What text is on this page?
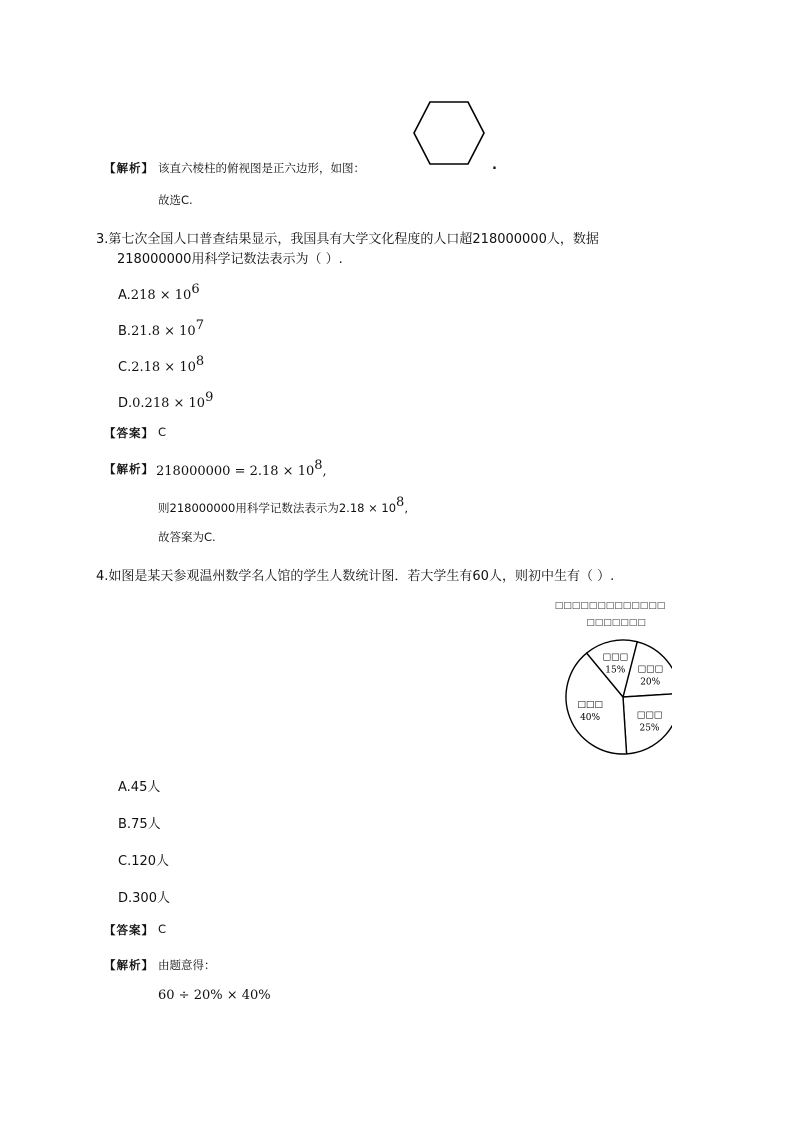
【解析】 该直六棱柱的俯视图是正六边形，如图：	.
故选C.
3.第七次全国人口普查结果显示，我国具有大学文化程度的人口超218000000人，数据
218000000用科学记数法表示为（ ）.
$A.218 \times 10^6$
$B.21.8 \times 10^7$
$C.2.18 \times 10^8$
$D.0.218 \times 10^9$
【答案】 C
【解析】 $218000000 = 2.18 \times 10^8$,
则218000000用科学记数法表示为$2.18 \times 10^8$,
故答案为C.
4.如图是某天参观温州数学名人馆的学生人数统计图．若大学生有60人，则初中生有（ ）.
□□□□□□□□□□□□□
□□□□□□□
□□□
20%
□□□
25%
□□□
40%
□□□
15%
A.45人
B.75人
C.120人
D.300人
【答案】 C
【解析】 由题意得：
60 ÷ 20% × 40%
